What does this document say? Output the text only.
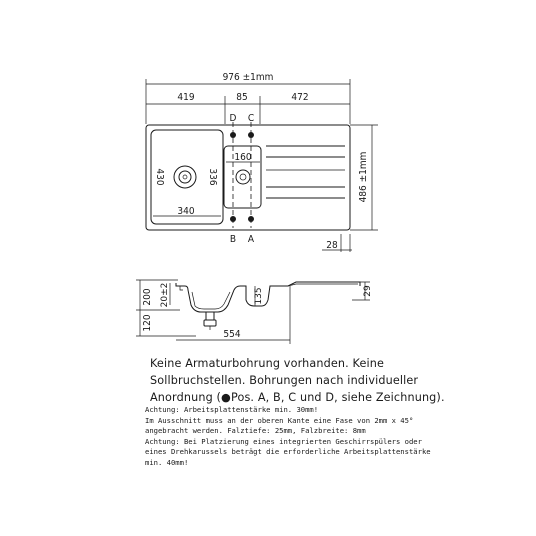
976 ±1mm
419	85	472
D C
430	336
160
340
B A
486 ±1mm
28
200
120
20±2	135	29
554

Keine Armaturbohrung vorhanden. Keine

Sollbruchstellen. Bohrungen nach individueller

Anordnung (●Pos. A, B, C und D, siehe Zeichnung).

Achtung: Arbeitsplattenstärke min. 30mm!

Im Ausschnitt muss an der oberen Kante eine Fase von 2mm x 45°

angebracht werden. Falztiefe: 25mm, Falzbreite: 8mm

Achtung: Bei Platzierung eines integrierten Geschirrspülers oder

eines Drehkarussels beträgt die erforderliche Arbeitsplattenstärke

min. 40mm!
